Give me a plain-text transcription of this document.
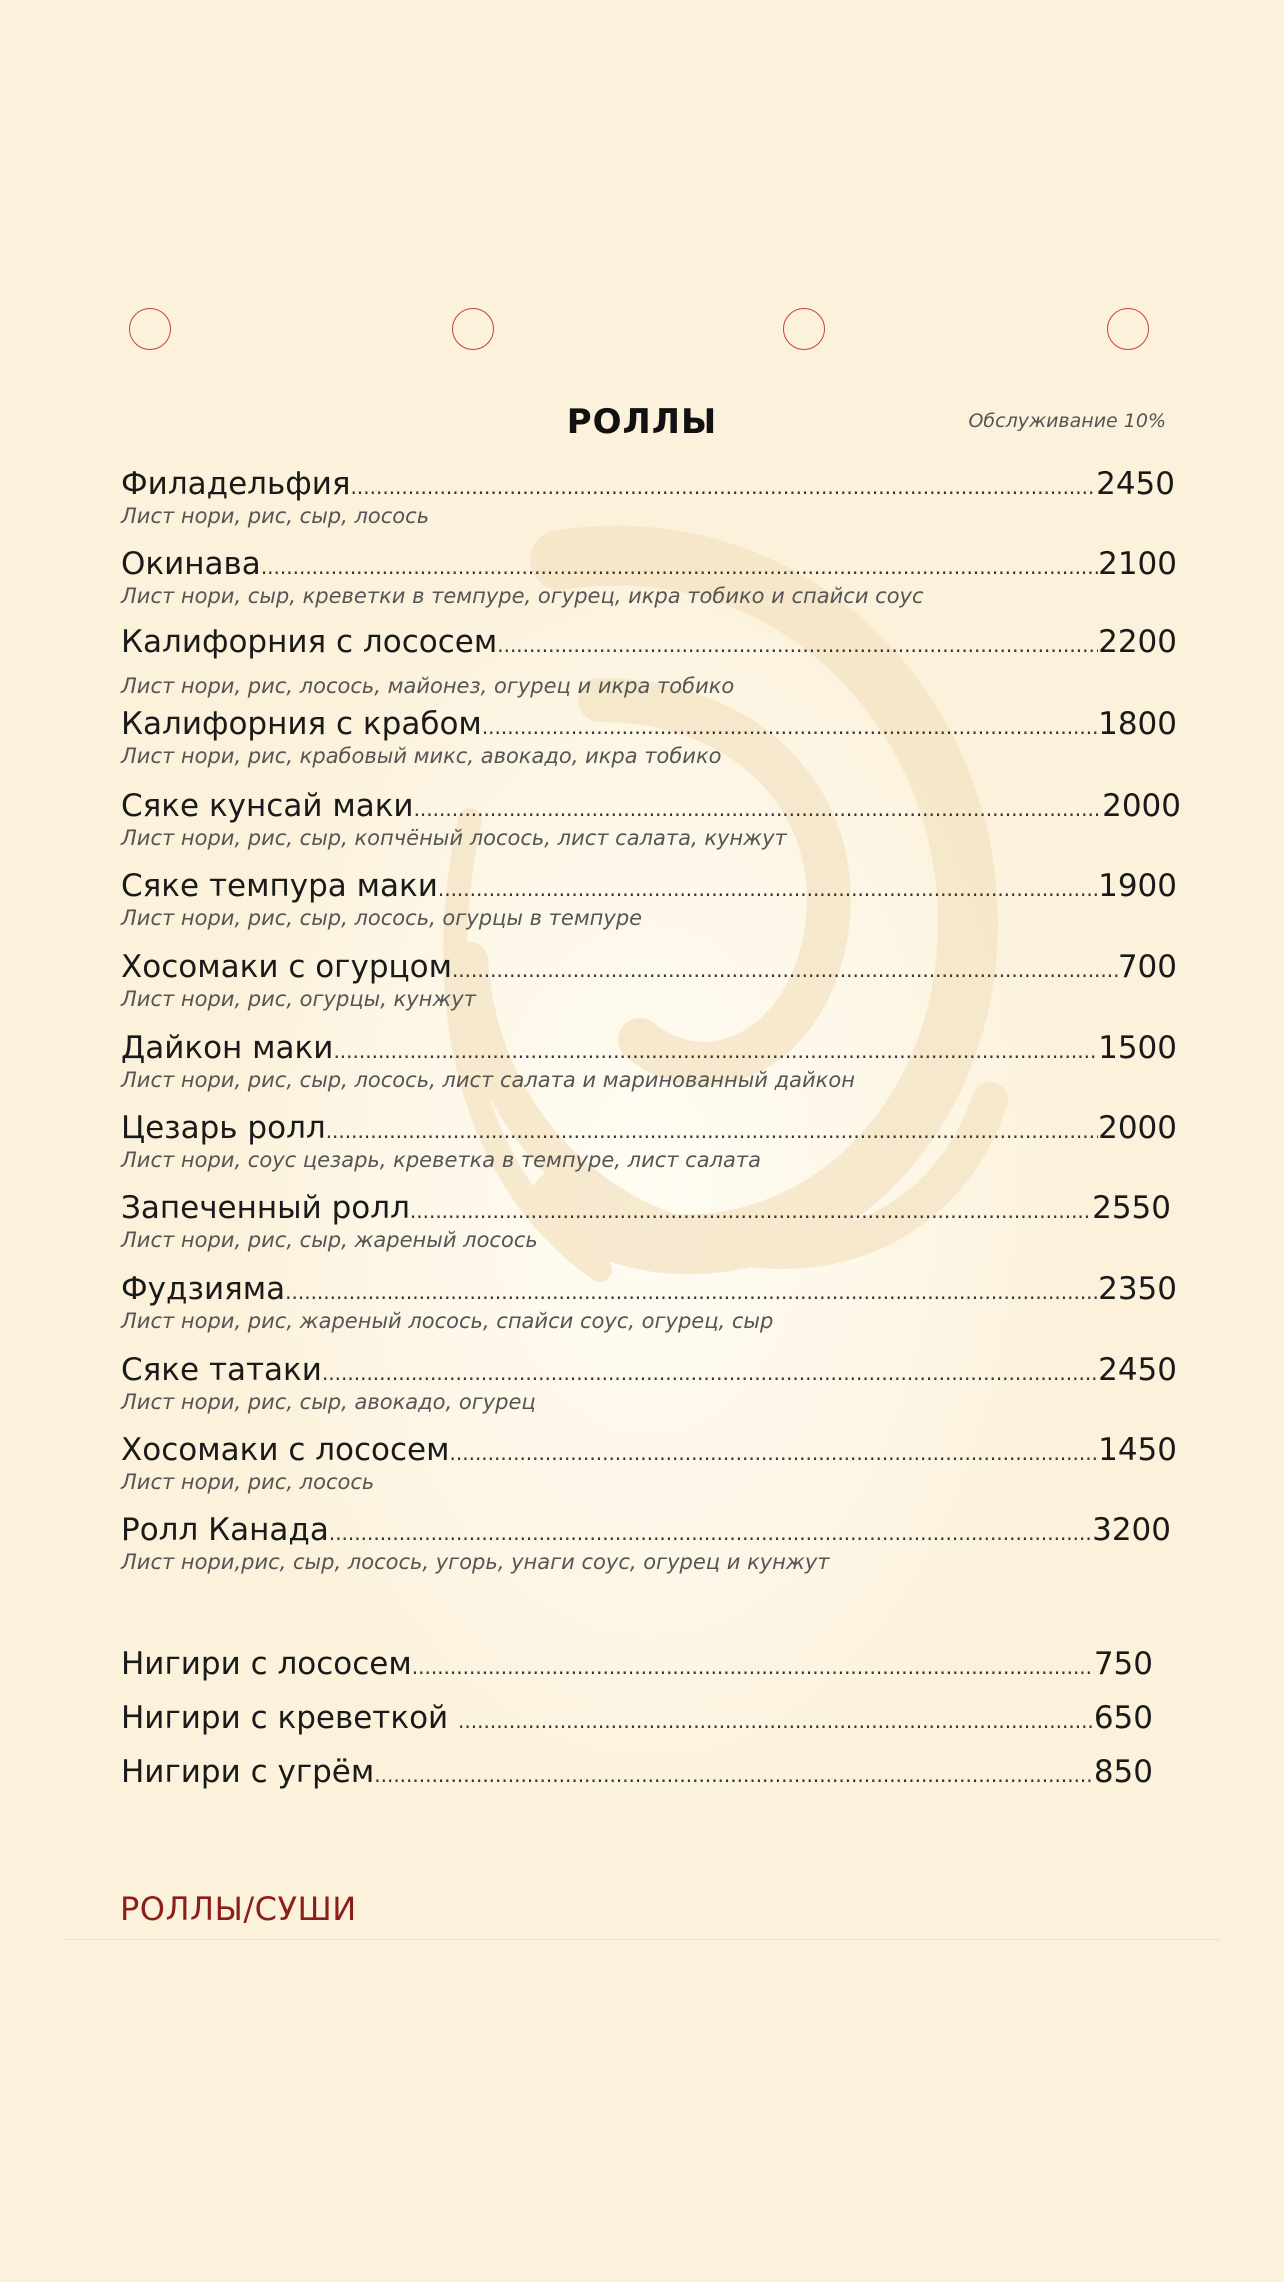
РОЛЛЫ	Обслуживание 10%
Филадельфия .....	2450
Лист нори, рис, сыр, лосось
Окинава .....	2100
Лист нори, сыр, креветки в темпуре, огурец, икра тобико и спайси соус
Калифорния с лососем .....	2200
Лист нори, рис, лосось, майонез, огурец и икра тобико
Калифорния с крабом .....	1800
Лист нори, рис, крабовый микс, авокадо, икра тобико
Сяке кунсай маки .....	2000
Лист нори, рис, сыр, копчёный лосось, лист салата, кунжут
Сяке темпура маки .....	1900
Лист нори, рис, сыр, лосось, огурцы в темпуре
Хосомаки с огурцом .....	700
Лист нори, рис, огурцы, кунжут
Дайкон маки .....	1500
Лист нори, рис, сыр, лосось, лист салата и маринованный дайкон
Цезарь ролл .....	2000
Лист нори, соус цезарь, креветка в темпуре, лист салата
Запеченный ролл .....	2550
Лист нори, рис, сыр, жареный лосось
Фудзияма .....	2350
Лист нори, рис, жареный лосось, спайси соус, огурец, сыр
Сяке татаки .....	2450
Лист нори, рис, сыр, авокадо, огурец
Хосомаки с лососем .....	1450
Лист нори, рис, лосось
Ролл Канада .....	3200
Лист нори,рис, сыр, лосось, угорь, унаги соус, огурец и кунжут
Нигири с лососем .....	750
Нигири с креветкой .....	650
Нигири с угрём .....	850
РОЛЛЫ/СУШИ
